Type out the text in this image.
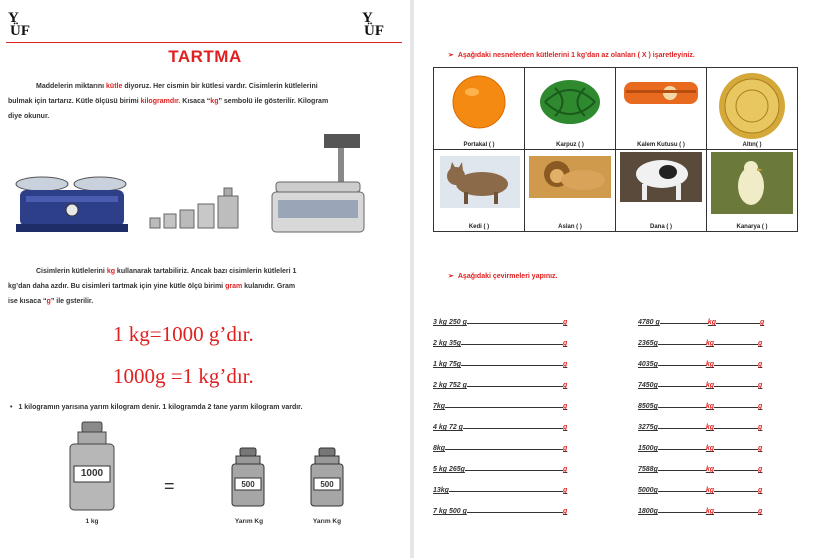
Y
ÜF
Y
ÜF
TARTMA
Maddelerin miktarını kütle diyoruz. Her cismin bir kütlesi vardır. Cisimlerin kütlelerini
bulmak için tartarız. Kütle ölçüsü birimi kilogramdır. Kısaca “kg” sembolü ile gösterilir. Kilogram
diye okunur.
Cisimlerin kütlelerini kg kullanarak tartabiliriz. Ancak bazı cisimlerin kütleleri 1
kg’dan daha azdır. Bu cisimleri tartmak için yine kütle ölçü birimi gram kulanıdır. Gram
ise kısaca “g” ile gsterilir.
1 kg=1000 g’dır.
1000g =1 kg’dır.
• 1 kilogramın yarısına yarım kilogram denir. 1 kilogramda 2 tane yarım kilogram vardır.
1000
1 kg
=	500
Yarım Kg
500
Yarım Kg
➢ Aşağıdaki nesnelerden kütlelerini 1 kg’dan az olanları ( X ) işaretleyiniz.
Portakal ( )	Karpuz ( )	Kalem Kutusu ( )	Altın( )

Kedi ( )	Aslan ( )	Dana ( )	Kanarya ( )
➢ Aşağıdaki çevirmeleri yapınız.
3 kg 250 g	g
2 kg 35g	g
1 kg 75g	g
2 kg 752 g	g
7kg	g
4 kg 72 g	g
8kg	g
5 kg 265g	g
13kg	g
7 kg 500 g	g
4780 g	kg	g
2365g	kg	g
4035g	kg	g
7450g	kg	g
8505g	kg	g
3275g	kg	g
1500g	kg	g
7588g	kg	g
5000g	kg	g
1800g	kg	g
